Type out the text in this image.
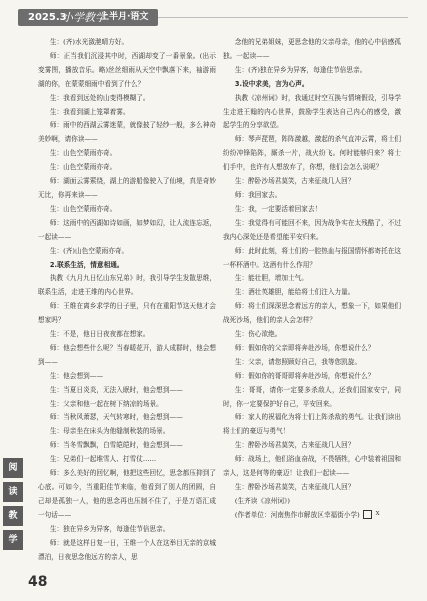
2025.3
小学教学
上半月·语文

生：(齐)水光潋滟晴方好。

师：正当我们沉浸其中时，西湖却变了一番景象。(出示变雾图，播放音乐。略)丝丝细雨从天空中飘落下来，袖游雨湖的你，在蒙蒙细雨中看到了什么？

生：我看到远处的山变得模糊了。

生：我看到湖上笼罩着雾。

师：雨中的西湖云雾迷蒙，就像披了轻纱一般，多么神奇美妙啊，请你读——

生：山色空蒙雨亦奇。

生：山色空蒙雨亦奇。

师：湖面云雾萦绕，湖上的游船像驶入了仙境，真是奇妙无比，你再来读——

生：山色空蒙雨亦奇。

师：这雨中的西湖如诗如画，如梦如幻，让人流连忘返，一起读——

生：(齐)山色空蒙雨亦奇。

2.联系生活，情意相通。

执教《九月九日忆山东兄弟》时，我引导学生发散思维，联系生活，走进王维的内心世界。

师：王维在离乡求学的日子里，只有在重阳节这天他才会想家吗？

生：不是，他日日夜夜都在想家。

师：他会想些什么呢？当春暖花开，游人成群时，他会想到——

生：他会想到——

生：当夏日炎炎，无法入眠时，他会想到——

生：父亲和他一起在树下纳凉的场景。

师：当秋风萧瑟，天气转寒时，他会想到——

生：母亲坐在床头为他缝制秋装的场景。

师：当冬雪飘飘，白雪皑皑时，他会想到——

生：兄弟们一起堆雪人、打雪仗……

师：多么美好的回忆啊，他把这些回忆，思念都压抑到了心底。可如今，当重阳佳节来临，他看到了别人的团圆，自己却是孤独一人，他的思念再也压制不住了，于是万语汇成一句话——

生：独在异乡为异客，每逢佳节倍思亲。

师：就是这样日复一日，王维一个人在这举目无亲的京城漂泊，日夜思念他远方的亲人，思

念他的兄弟姐妹，更思念他的父亲母亲，他的心中倍感孤独。一起读——

生：(齐)独在异乡为异客，每逢佳节倍思亲。

3.设中求美，言为心声。

执教《凉州词》时，我通过时空互换与情境假设，引导学生走进王翰的内心世界，鼓励学生表达自己内心的感受，激起学生的分享欲望。

师：琴声琵琶，阵阵激越，激起的杀气直冲云霄，将士们纷纷冲锋陷阵，厮杀一片，战火纷飞。何时能够归来？将士们手中，也许有人想放弃了，你想，他们会怎么说呢？

生：醉卧沙场君莫笑，古来征战几人回？

师：我回家去。

生：我，一定要活着回家去！

生：我觉得有可能回不来，因为战争实在太残酷了，不过我内心深处还是希望能平安归来。

师：此时此刻，将士们的一腔热血与报国情怀都寄托在这一杯杯酒中。这酒有什么作用？

生：能壮胆，增加士气。

生：酒壮英雄胆，能给将士们注入力量。

师：将士们深深思念着远方的亲人，想象一下，如果他们战死沙场，他们的亲人会怎样？

生：伤心欲绝。

师：假如你的父亲即将奔赴沙场，你想说什么？

生：父亲，请您照顾好自己，我等您凯旋。

师：假如你的哥哥即将奔赴沙场，你想说什么？

生：哥哥，请你一定要多杀敌人，还我们国家安宁，同时，你一定要保护好自己，平安回来。

师：家人的祝福化为将士们上阵杀敌的勇气。让我们读出将士们的豪迈与勇气！

生：醉卧沙场君莫笑，古来征战几人回？

师：战场上，他们浴血奋战，不畏牺牲，心中装着祖国和亲人，这是何等的豪迈！让我们一起读——

生：醉卧沙场君莫笑，古来征战几人回？

(生齐读《凉州词》)

(作者单位：河南焦作市解放区幸福街小学)	X

阅
读
教
学
48
